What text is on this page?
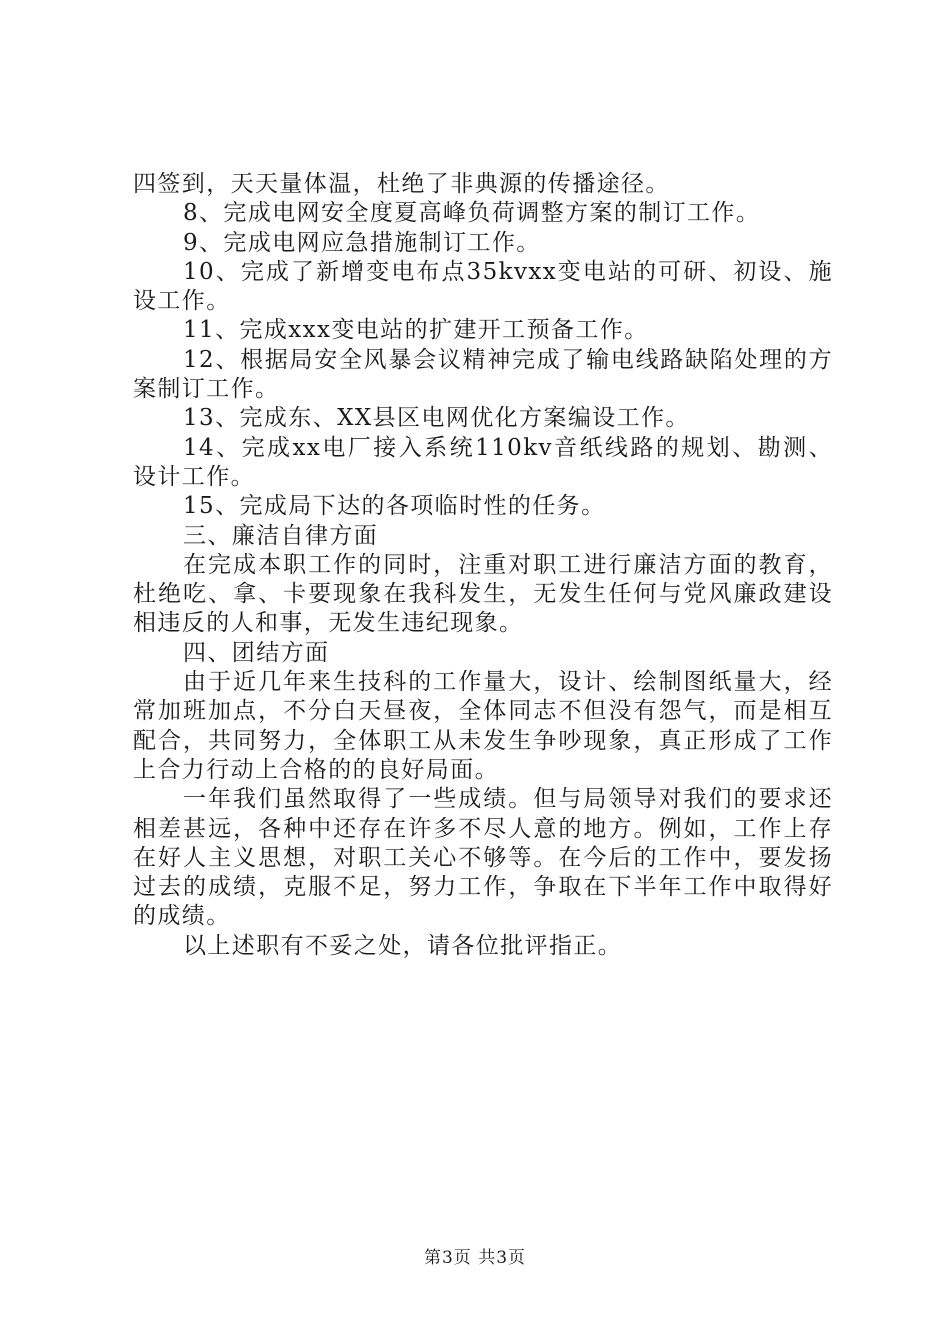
四签到，天天量体温，杜绝了非典源的传播途径。

8、完成电网安全度夏高峰负荷调整方案的制订工作。

9、完成电网应急措施制订工作。

10、完成了新增变电布点35kvxx变电站的可研、初设、施设工作。

11、完成xxx变电站的扩建开工预备工作。

12、根据局安全风暴会议精神完成了输电线路缺陷处理的方案制订工作。

13、完成东、XX县区电网优化方案编设工作。

14、完成xx电厂接入系统110kv音纸线路的规划、勘测、设计工作。

15、完成局下达的各项临时性的任务。

三、廉洁自律方面

在完成本职工作的同时，注重对职工进行廉洁方面的教育，杜绝吃、拿、卡要现象在我科发生，无发生任何与党风廉政建设相违反的人和事，无发生违纪现象。

四、团结方面

由于近几年来生技科的工作量大，设计、绘制图纸量大，经常加班加点，不分白天昼夜，全体同志不但没有怨气，而是相互配合，共同努力，全体职工从未发生争吵现象，真正形成了工作上合力行动上合格的的良好局面。

一年我们虽然取得了一些成绩。但与局领导对我们的要求还相差甚远，各种中还存在许多不尽人意的地方。例如，工作上存在好人主义思想，对职工关心不够等。在今后的工作中，要发扬过去的成绩，克服不足，努力工作，争取在下半年工作中取得好的成绩。

以上述职有不妥之处，请各位批评指正。

第3页 共3页
